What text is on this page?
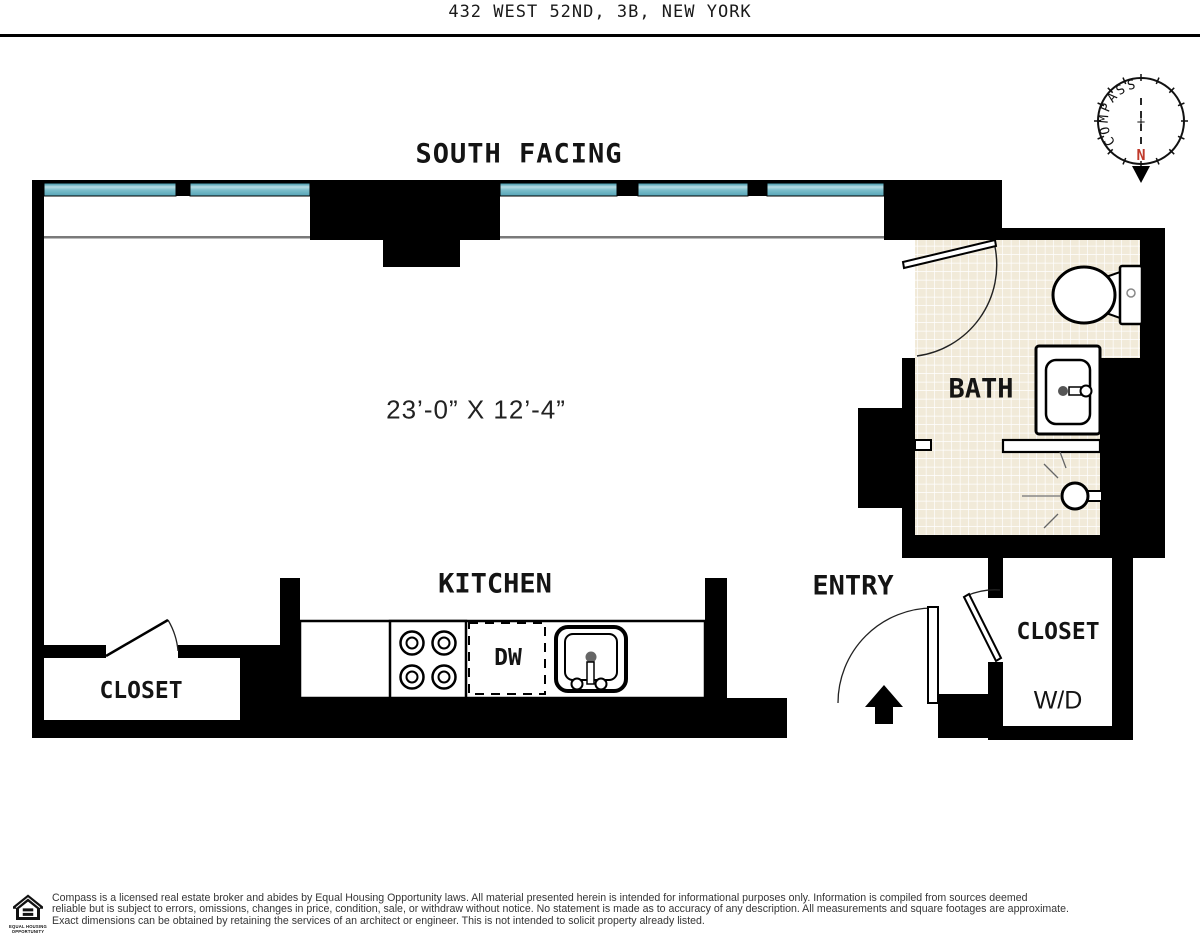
432 WEST 52ND, 3B, NEW YORK
COMPASS
+
N
SOUTH FACING
23’-0” X 12’-4”
KITCHEN
BATH
ENTRY
CLOSET
CLOSET
W/D
DW
EQUAL HOUSING
OPPORTUNITY
Compass is a licensed real estate broker and abides by Equal Housing Opportunity laws. All material presented herein is intended for informational purposes only. Information is compiled from sources deemed
reliable but is subject to errors, omissions, changes in price, condition, sale, or withdraw without notice. No statement is made as to accuracy of any description. All measurements and square footages are approximate.
Exact dimensions can be obtained by retaining the services of an architect or engineer. This is not intended to solicit property already listed.
